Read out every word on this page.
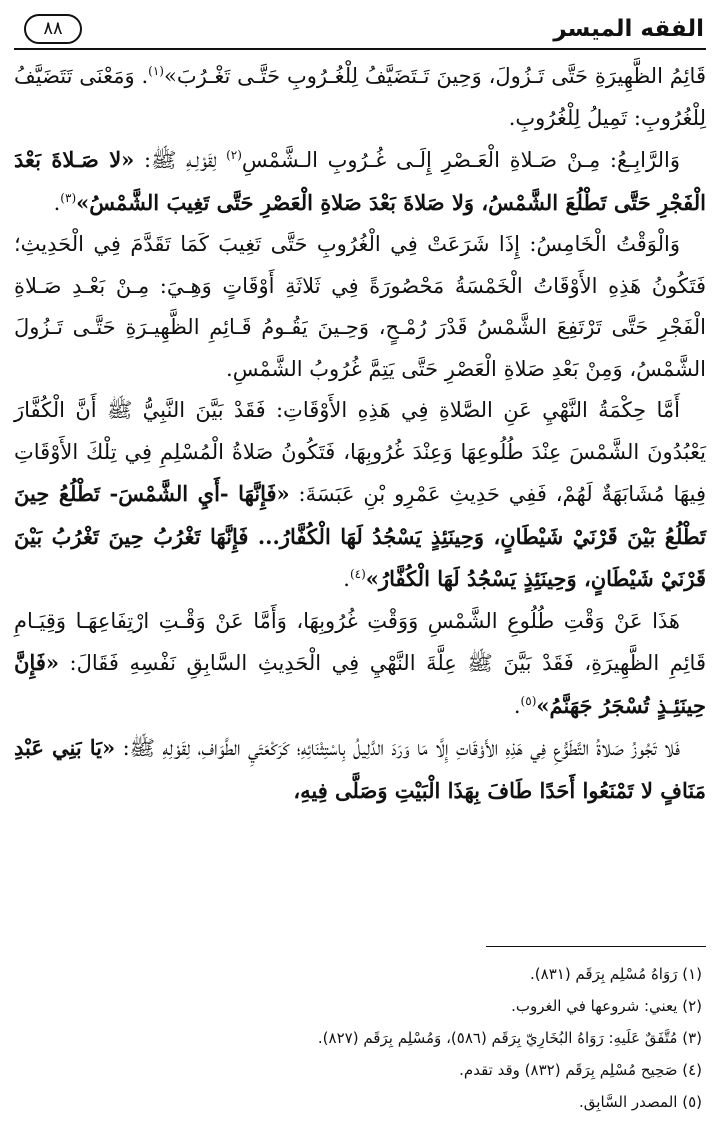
الفقه الميسر
٨٨

قَائِمُ الظَّهِيرَةِ حَتَّى تَـزُولَ، وَحِينَ تَـتَضَيَّفُ لِلْغُـرُوبِ حَتَّـى تَغْـرُبَ»$^{(١)}$. وَمَعْنَى تَتَضَيَّفُ لِلْغُرُوبِ: تَمِيلُ لِلْغُرُوبِ.

وَالرَّابِـعُ: مِـنْ صَـلاةِ الْعَـصْرِ إِلَـى غُـرُوبِ الـشَّمْسِ$^{(٢)}$ لِقَوْلِـهِ ﷺ: «لا صَـلاةَ بَعْدَ الْفَجْرِ حَتَّى تَطْلُعَ الشَّمْسُ، وَلا صَلاةَ بَعْدَ صَلاةِ الْعَصْرِ حَتَّى تَغِيبَ الشَّمْسُ»$^{(٣)}$.

وَالْوَقْتُ الْخَامِسُ: إِذَا شَرَعَتْ فِي الْغُرُوبِ حَتَّى تَغِيبَ كَمَا تَقَدَّمَ فِي الْحَدِيثِ؛ فَتَكُونُ هَذِهِ الأَوْقَاتُ الْخَمْسَةُ مَحْصُورَةً فِي ثَلاثَةِ أَوْقَاتٍ وَهِـيَ: مِـنْ بَعْـدِ صَـلاةِ الْفَجْرِ حَتَّى تَرْتَفِعَ الشَّمْسُ قَدْرَ رُمْـحٍ، وَحِـينَ يَقُـومُ قَـائِمِ الظَّهِيـرَةِ حَتَّـى تَـزُولَ الشَّمْسُ، وَمِنْ بَعْدِ صَلاةِ الْعَصْرِ حَتَّى يَتِمَّ غُرُوبُ الشَّمْسِ.

أَمَّا حِكْمَةُ النَّهْيِ عَنِ الصَّلاةِ فِي هَذِهِ الأَوْقَاتِ: فَقَدْ بَيَّنَ النَّبِيُّ ﷺ أَنَّ الْكُفَّارَ يَعْبُدُونَ الشَّمْسَ عِنْدَ طُلُوعِهَا وَعِنْدَ غُرُوبِهَا، فَتَكُونُ صَلاةُ الْمُسْلِمِ فِي تِلْكَ الأَوْقَاتِ فِيهَا مُشَابَهَةٌ لَهُمْ، فَفِي حَدِيثِ عَمْرِو بْنِ عَبَسَةَ: «فَإِنَّهَا -أَيِ الشَّمْسَ- تَطْلُعُ حِينَ تَطْلُعُ بَيْنَ قَرْنَيْ شَيْطَانٍ، وَحِينَئِذٍ يَسْجُدُ لَهَا الْكُفَّارُ... فَإِنَّهَا تَغْرُبُ حِينَ تَغْرُبُ بَيْنَ قَرْنَيْ شَيْطَانٍ، وَحِينَئِذٍ يَسْجُدُ لَهَا الْكُفَّارُ»$^{(٤)}$.

هَذَا عَنْ وَقْتِ طُلُوعِ الشَّمْسِ وَوَقْتِ غُرُوبِهَا، وَأَمَّا عَنْ وَقْـتِ ارْتِفَاعِهَـا وَقِيَـامِ قَائِمِ الظَّهِيرَةِ، فَقَدْ بَيَّنَ ﷺ عِلَّةَ النَّهْيِ فِي الْحَدِيثِ السَّابِقِ نَفْسِهِ فَقَالَ: «فَإِنَّ حِينَئِـذٍ تُسْجَرُ جَهَنَّمُ»$^{(٥)}$.

فَلا تَجُوزُ صَلاةُ التَّطَوُّعِ فِي هَذِهِ الأَوْقَاتِ إِلَّا مَا وَرَدَ الدَّلِيلُ بِاسْتِثْنَائِهِ؛ كَرَكْعَتَيِ الطَّوَافِ، لِقَوْلِهِ ﷺ: «يَا بَنِي عَبْدِ مَنَافٍ لا تَمْنَعُوا أَحَدًا طَافَ بِهَذَا الْبَيْتِ وَصَلَّى فِيهِ،

(١) رَوَاهُ مُسْلِم بِرَقَم (٨٣١).

(٢) يعني: شروعها في الغروب.

(٣) مُتَّفَقٌ عَلَيهِ: رَوَاهُ البُخَارِيّ بِرَقَم (٥٨٦)، وَمُسْلِم بِرَقَم (٨٢٧).

(٤) صَحِيح مُسْلِم بِرَقَم (٨٣٢) وقد تقدم.

(٥) المصدر السَّابِق.
